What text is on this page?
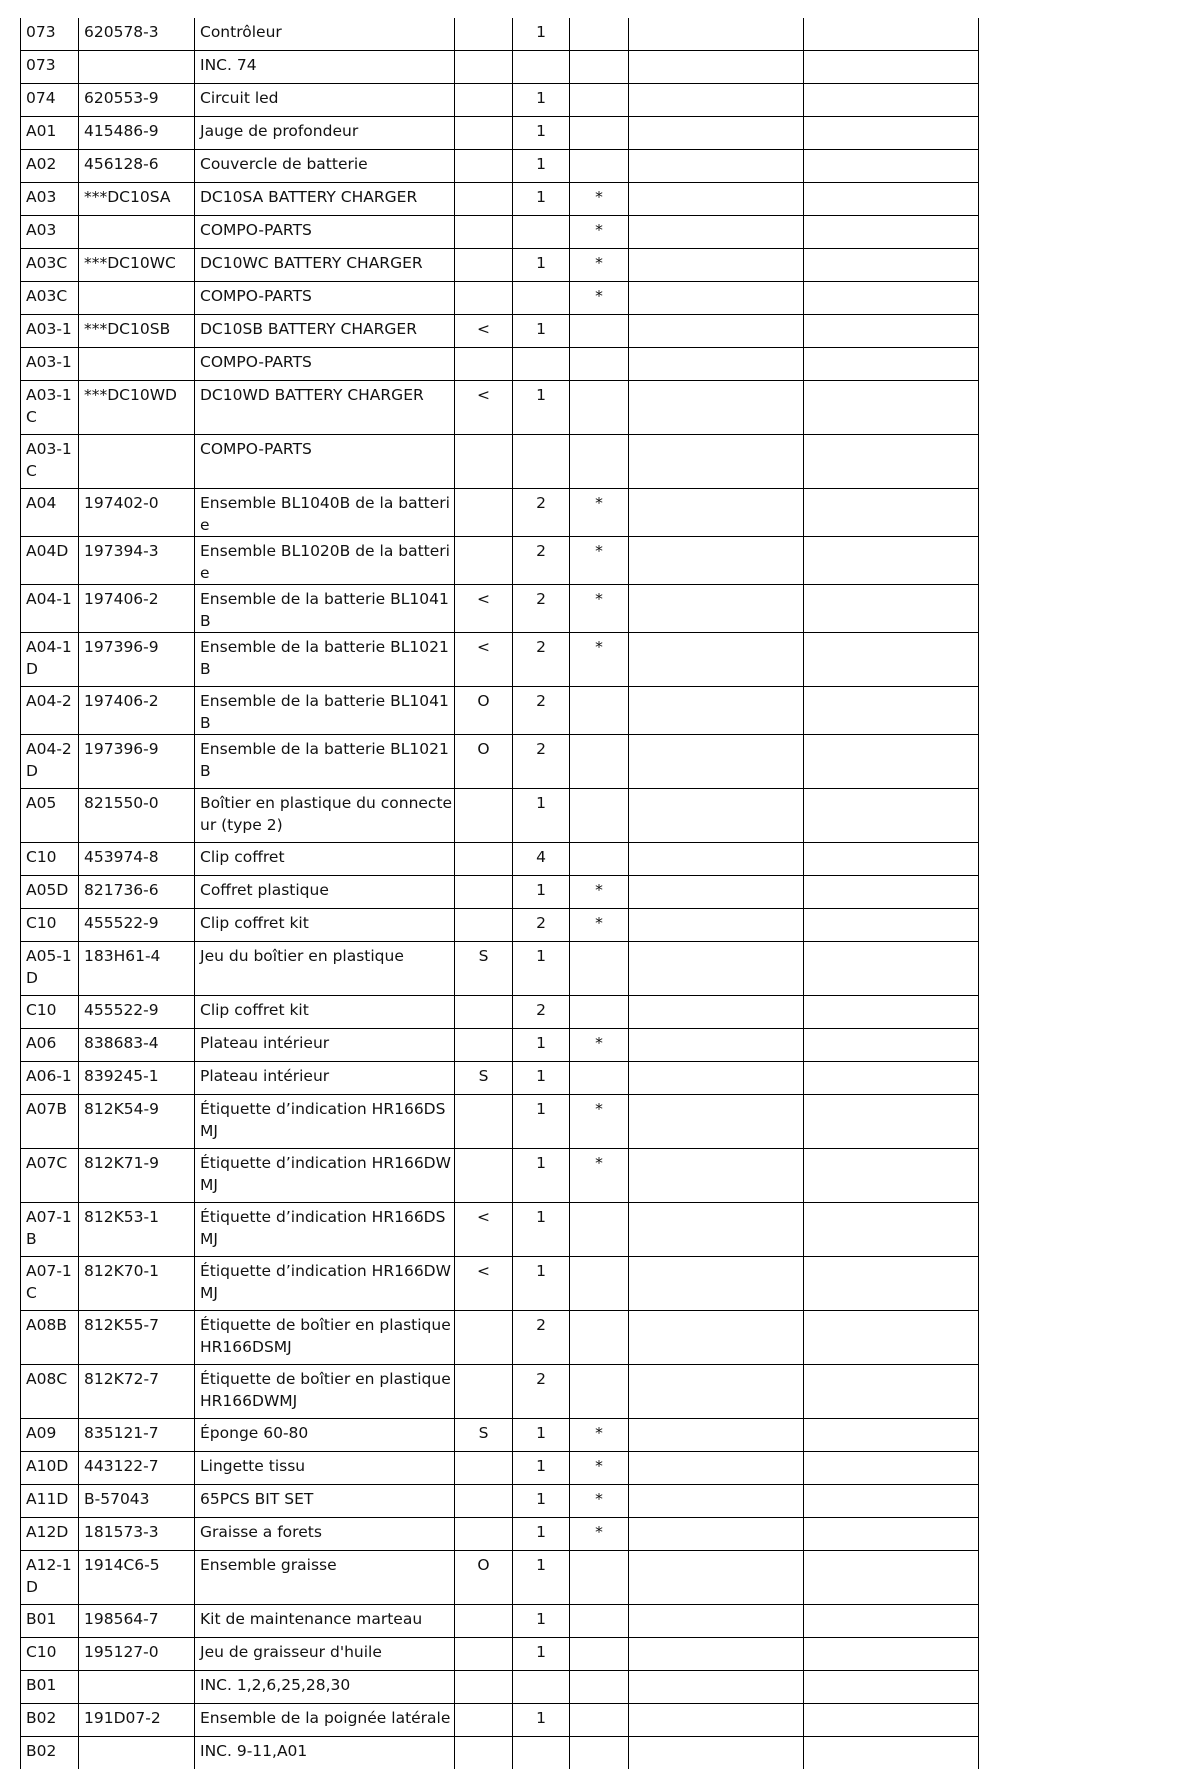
073	620578-3	Contrôleur		1			
073		INC. 74					
074	620553-9	Circuit led		1			
A01	415486-9	Jauge de profondeur		1			
A02	456128-6	Couvercle de batterie		1			
A03	***DC10SA	DC10SA BATTERY CHARGER		1	*		
A03		COMPO-PARTS			*		
A03C	***DC10WC	DC10WC BATTERY CHARGER		1	*		
A03C		COMPO-PARTS			*		
A03-1	***DC10SB	DC10SB BATTERY CHARGER	<	1			
A03-1		COMPO-PARTS					
A03-1C	***DC10WD	DC10WD BATTERY CHARGER	<	1			
A03-1C		COMPO-PARTS					
A04	197402-0	Ensemble BL1040B de la batterie		2	*		
A04D	197394-3	Ensemble BL1020B de la batterie		2	*		
A04-1	197406-2	Ensemble de la batterie BL1041B	<	2	*		
A04-1D	197396-9	Ensemble de la batterie BL1021B	<	2	*		
A04-2	197406-2	Ensemble de la batterie BL1041B	O	2			
A04-2D	197396-9	Ensemble de la batterie BL1021B	O	2			
A05	821550-0	Boîtier en plastique du connecteur (type 2)		1			
C10	453974-8	Clip coffret		4			
A05D	821736-6	Coffret plastique		1	*		
C10	455522-9	Clip coffret kit		2	*		
A05-1D	183H61-4	Jeu du boîtier en plastique	S	1			
C10	455522-9	Clip coffret kit		2			
A06	838683-4	Plateau intérieur		1	*		
A06-1	839245-1	Plateau intérieur	S	1			
A07B	812K54-9	Étiquette d’indication HR166DSMJ		1	*		
A07C	812K71-9	Étiquette d’indication HR166DWMJ		1	*		
A07-1B	812K53-1	Étiquette d’indication HR166DSMJ	<	1			
A07-1C	812K70-1	Étiquette d’indication HR166DWMJ	<	1			
A08B	812K55-7	Étiquette de boîtier en plastique HR166DSMJ		2			
A08C	812K72-7	Étiquette de boîtier en plastique HR166DWMJ		2			
A09	835121-7	Éponge 60-80	S	1	*		
A10D	443122-7	Lingette tissu		1	*		
A11D	B-57043	65PCS BIT SET		1	*		
A12D	181573-3	Graisse a forets		1	*		
A12-1D	1914C6-5	Ensemble graisse	O	1			
B01	198564-7	Kit de maintenance marteau		1			
C10	195127-0	Jeu de graisseur d'huile		1			
B01		INC. 1,2,6,25,28,30					
B02	191D07-2	Ensemble de la poignée latérale		1			
B02		INC. 9-11,A01					
